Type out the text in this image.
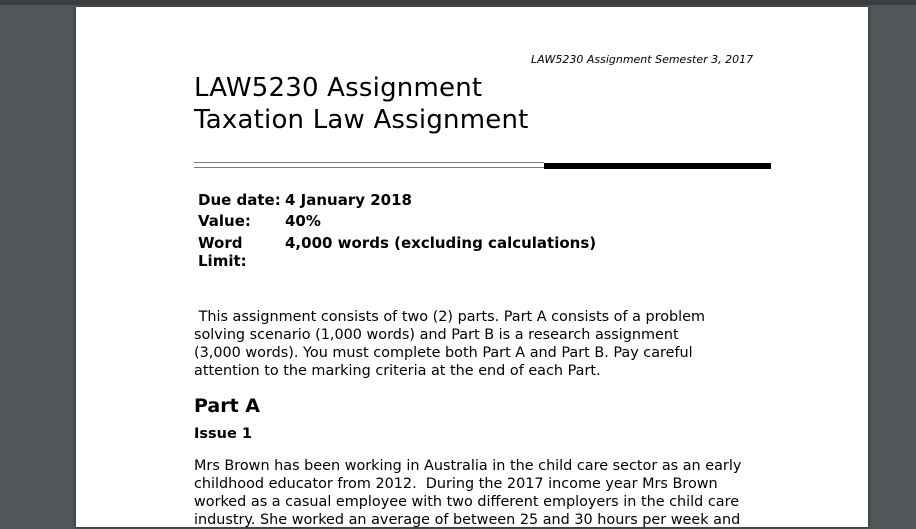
LAW5230 Assignment Semester 3, 2017
LAW5230 Assignment
Taxation Law Assignment
Due date: 4 January 2018
Value: 40%
Word	4,000 words (excluding calculations)
Limit:
This assignment consists of two (2) parts. Part A consists of a problem
solving scenario (1,000 words) and Part B is a research assignment
(3,000 words). You must complete both Part A and Part B. Pay careful
attention to the marking criteria at the end of each Part.
Part A
Issue 1
Mrs Brown has been working in Australia in the child care sector as an early
childhood educator from 2012.  During the 2017 income year Mrs Brown
worked as a casual employee with two different employers in the child care
industry. She worked an average of between 25 and 30 hours per week and
